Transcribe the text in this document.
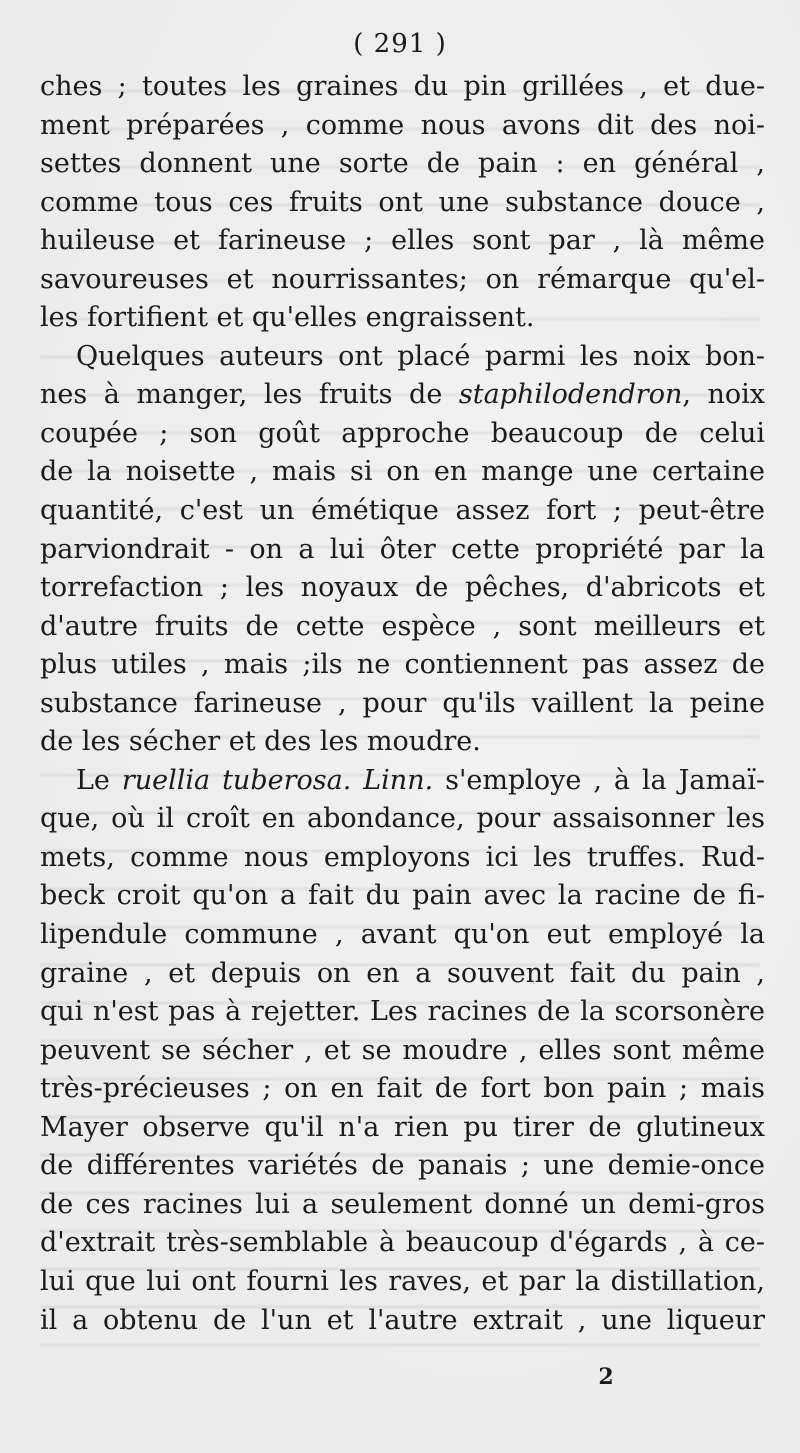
( 291 )
ches ; toutes les graines du pin grillées , et due-
ment préparées , comme nous avons dit des noi-
settes donnent une sorte de pain : en général ,
comme tous ces fruits ont une substance douce ,
huileuse et farineuse ; elles sont par , là même
savoureuses et nourrissantes; on rémarque qu'el-
les fortifient et qu'elles engraissent.
Quelques auteurs ont placé parmi les noix bon-
nes à manger, les fruits de staphilodendron, noix
coupée ; son goût approche beaucoup de celui
de la noisette , mais si on en mange une certaine
quantité, c'est un émétique assez fort ; peut-être
parviondrait - on a lui ôter cette propriété par la
torrefaction ; les noyaux de pêches, d'abricots et
d'autre fruits de cette espèce , sont meilleurs et
plus utiles , mais ;ils ne contiennent pas assez de
substance farineuse , pour qu'ils vaillent la peine
de les sécher et des les moudre.
Le ruellia tuberosa. Linn. s'employe , à la Jamaï-
que, où il croît en abondance, pour assaisonner les
mets, comme nous employons ici les truffes. Rud-
beck croit qu'on a fait du pain avec la racine de fi-
lipendule commune , avant qu'on eut employé la
graine , et depuis on en a souvent fait du pain ,
qui n'est pas à rejetter. Les racines de la scorsonère
peuvent se sécher , et se moudre , elles sont même
très-précieuses ; on en fait de fort bon pain ; mais
Mayer observe qu'il n'a rien pu tirer de glutineux
de différentes variétés de panais ; une demie-once
de ces racines lui a seulement donné un demi-gros
d'extrait très-semblable à beaucoup d'égards , à ce-
lui que lui ont fourni les raves, et par la distillation,
il a obtenu de l'un et l'autre extrait , une liqueur
2
